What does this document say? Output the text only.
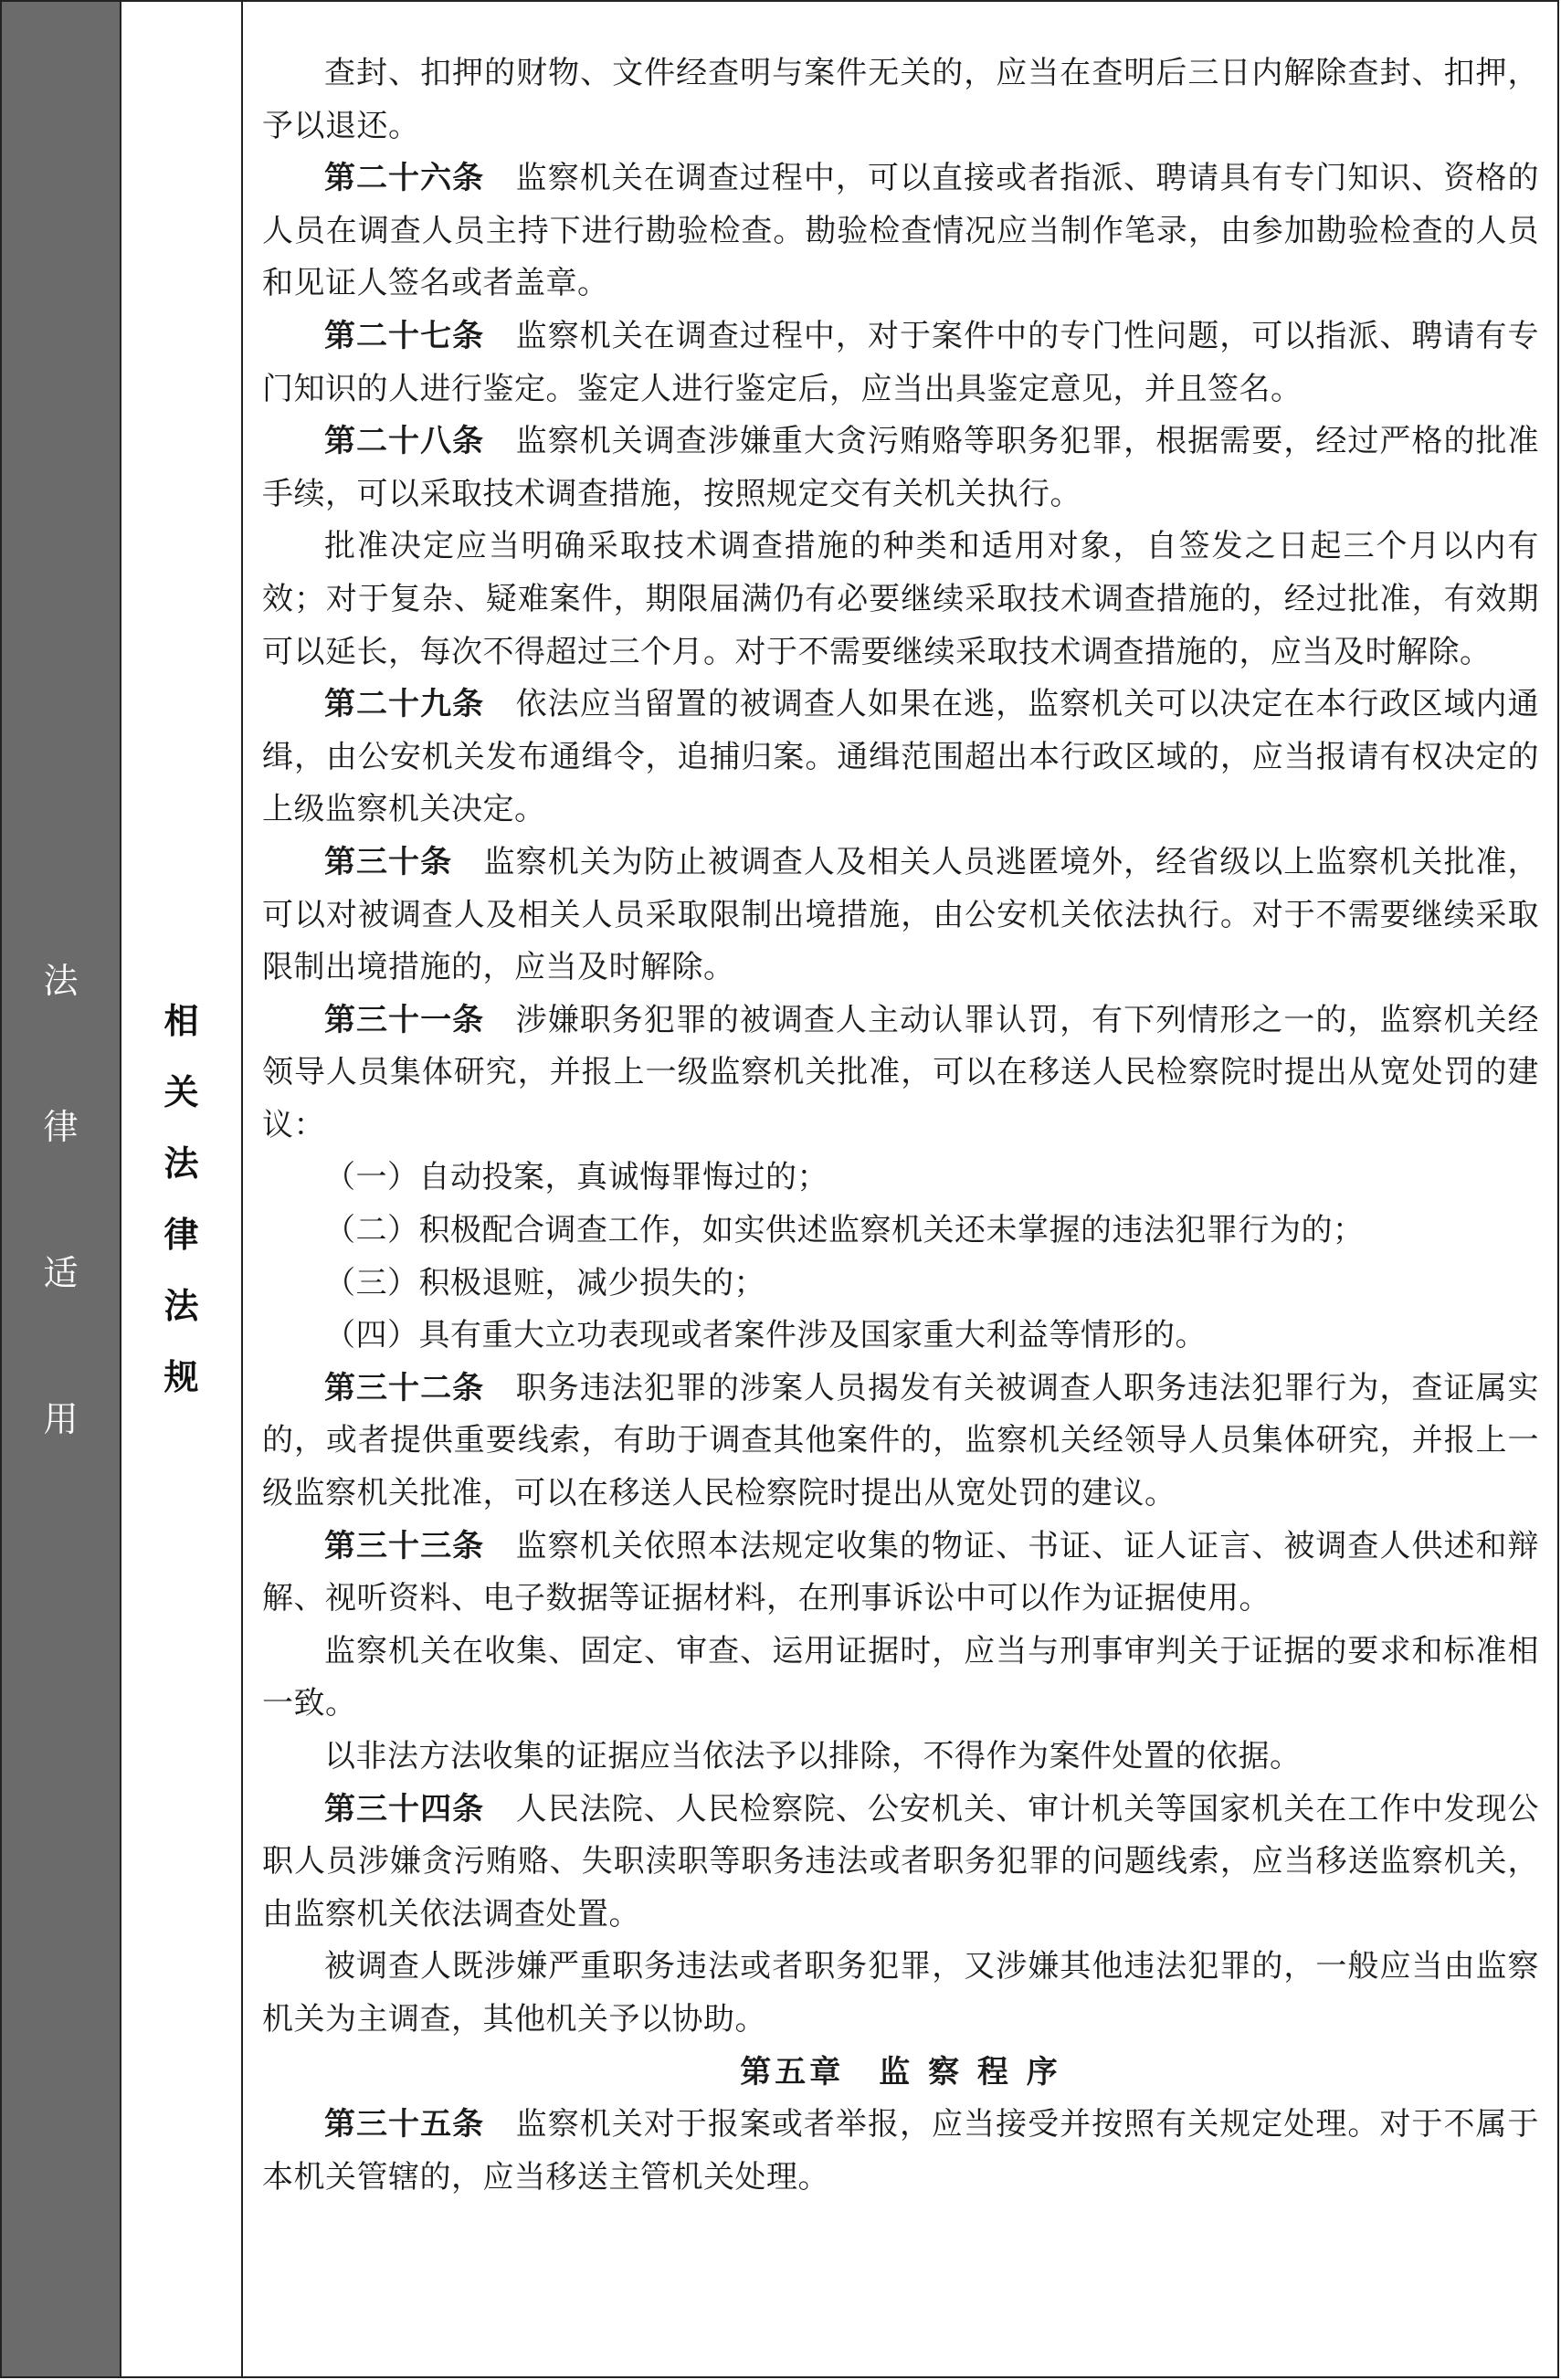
法
律
适
用
相
关
法
律
法
规

查封、扣押的财物、文件经查明与案件无关的，应当在查明后三日内解除查封、扣押，予以退还。

第二十六条 监察机关在调查过程中，可以直接或者指派、聘请具有专门知识、资格的人员在调查人员主持下进行勘验检查。勘验检查情况应当制作笔录，由参加勘验检查的人员和见证人签名或者盖章。

第二十七条 监察机关在调查过程中，对于案件中的专门性问题，可以指派、聘请有专门知识的人进行鉴定。鉴定人进行鉴定后，应当出具鉴定意见，并且签名。

第二十八条 监察机关调查涉嫌重大贪污贿赂等职务犯罪，根据需要，经过严格的批准手续，可以采取技术调查措施，按照规定交有关机关执行。

批准决定应当明确采取技术调查措施的种类和适用对象，自签发之日起三个月以内有效；对于复杂、疑难案件，期限届满仍有必要继续采取技术调查措施的，经过批准，有效期可以延长，每次不得超过三个月。对于不需要继续采取技术调查措施的，应当及时解除。

第二十九条 依法应当留置的被调查人如果在逃，监察机关可以决定在本行政区域内通缉，由公安机关发布通缉令，追捕归案。通缉范围超出本行政区域的，应当报请有权决定的上级监察机关决定。

第三十条 监察机关为防止被调查人及相关人员逃匿境外，经省级以上监察机关批准，可以对被调查人及相关人员采取限制出境措施，由公安机关依法执行。对于不需要继续采取限制出境措施的，应当及时解除。

第三十一条 涉嫌职务犯罪的被调查人主动认罪认罚，有下列情形之一的，监察机关经领导人员集体研究，并报上一级监察机关批准，可以在移送人民检察院时提出从宽处罚的建议：

（一）自动投案，真诚悔罪悔过的；

（二）积极配合调查工作，如实供述监察机关还未掌握的违法犯罪行为的；

（三）积极退赃，减少损失的；

（四）具有重大立功表现或者案件涉及国家重大利益等情形的。

第三十二条 职务违法犯罪的涉案人员揭发有关被调查人职务违法犯罪行为，查证属实的，或者提供重要线索，有助于调查其他案件的，监察机关经领导人员集体研究，并报上一级监察机关批准，可以在移送人民检察院时提出从宽处罚的建议。

第三十三条 监察机关依照本法规定收集的物证、书证、证人证言、被调查人供述和辩解、视听资料、电子数据等证据材料，在刑事诉讼中可以作为证据使用。

监察机关在收集、固定、审查、运用证据时，应当与刑事审判关于证据的要求和标准相一致。

以非法方法收集的证据应当依法予以排除，不得作为案件处置的依据。

第三十四条 人民法院、人民检察院、公安机关、审计机关等国家机关在工作中发现公职人员涉嫌贪污贿赂、失职渎职等职务违法或者职务犯罪的问题线索，应当移送监察机关，由监察机关依法调查处置。

被调查人既涉嫌严重职务违法或者职务犯罪，又涉嫌其他违法犯罪的，一般应当由监察机关为主调查，其他机关予以协助。

第五章　监 察 程 序

第三十五条 监察机关对于报案或者举报，应当接受并按照有关规定处理。对于不属于本机关管辖的，应当移送主管机关处理。
